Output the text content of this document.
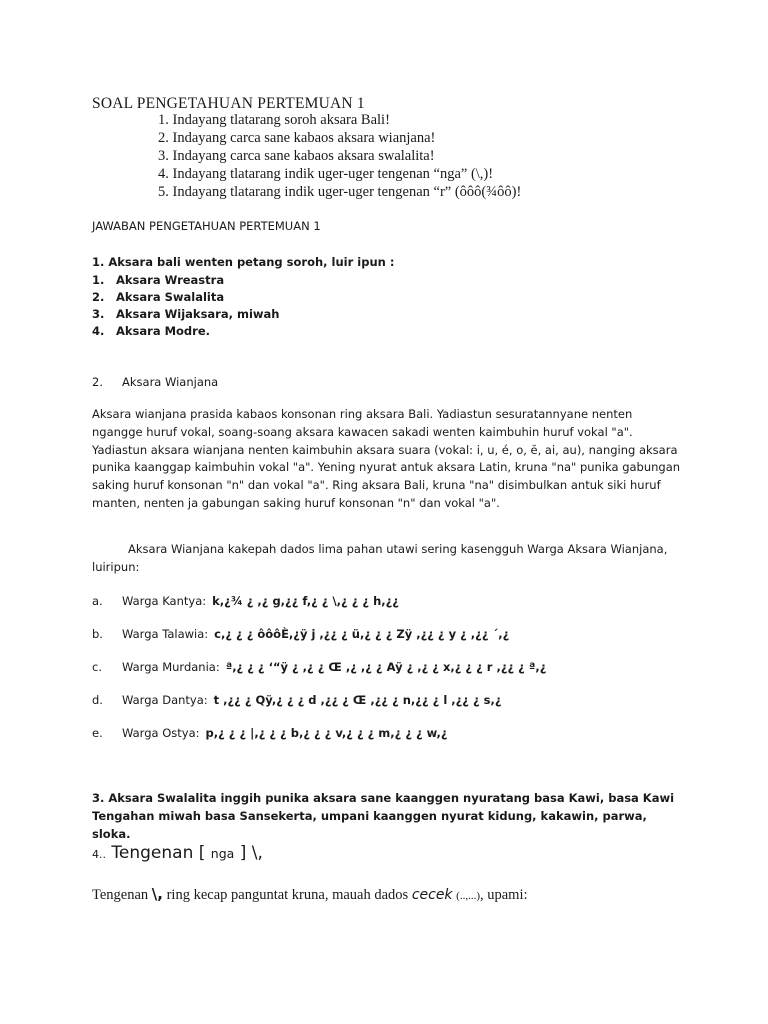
SOAL PENGETAHUAN PERTEMUAN 1
1. Indayang tlatarang soroh aksara Bali!
2. Indayang carca sane kabaos aksara wianjana!
3. Indayang carca sane kabaos aksara swalalita!
4. Indayang tlatarang indik uger-uger tengenan “nga” (\,)!
5. Indayang tlatarang indik uger-uger tengenan “r” (ôôô(¾ôô)!
JAWABAN PENGETAHUAN PERTEMUAN 1
1. Aksara bali wenten petang soroh, luir ipun :
1. Aksara Wreastra
2. Aksara Swalalita
3. Aksara Wijaksara, miwah
4. Aksara Modre.
2. Aksara Wianjana
Aksara wianjana prasida kabaos konsonan ring aksara Bali. Yadiastun sesuratannyane nenten ngangge huruf vokal, soang-soang aksara kawacen sakadi wenten kaimbuhin huruf vokal "a". Yadiastun aksara wianjana nenten kaimbuhin aksara suara (vokal: i, u, é, o, ĕ, ai, au), nanging aksara punika kaanggap kaimbuhin vokal "a". Yening nyurat antuk aksara Latin, kruna "na" punika gabungan saking huruf konsonan "n" dan vokal "a". Ring aksara Bali, kruna "na" disimbulkan antuk siki huruf manten, nenten ja gabungan saking huruf konsonan "n" dan vokal "a".
Aksara Wianjana kakepah dados lima pahan utawi sering kasengguh Warga Aksara Wianjana, luiripun:
a. Warga Kantya: k,¿¾ ¿ ,¿ g,¿¿ f,¿ ¿ \,¿ ¿ ¿ h,¿¿
b. Warga Talawia: c,¿ ¿ ¿ ôôôÈ,¿ÿ j ,¿¿ ¿ ü,¿ ¿ ¿ Zÿ ,¿¿ ¿ y ¿ ,¿¿ ´,¿
c. Warga Murdania: ª,¿ ¿ ¿ ‘“ÿ ¿ ,¿ ¿ Œ ,¿ ,¿ ¿ Aÿ ¿ ,¿ ¿ x,¿ ¿ ¿ r ,¿¿ ¿ ª,¿
d. Warga Dantya: t ,¿¿ ¿ Qÿ,¿ ¿ ¿ d ,¿¿ ¿ Œ ,¿¿ ¿ n,¿¿ ¿ l ,¿¿ ¿ s,¿
e. Warga Ostya: p,¿ ¿ ¿ |,¿ ¿ ¿ b,¿ ¿ ¿ v,¿ ¿ ¿ m,¿ ¿ ¿ w,¿
3. Aksara Swalalita inggih punika aksara sane kaanggen nyuratang basa Kawi, basa Kawi Tengahan miwah basa Sansekerta, umpani kaanggen nyurat kidung, kakawin, parwa, sloka.
4.. Tengenan [ nga ] \,
Tengenan \, ring kecap panguntat kruna, mauah dados cecek (..,...), upami:
